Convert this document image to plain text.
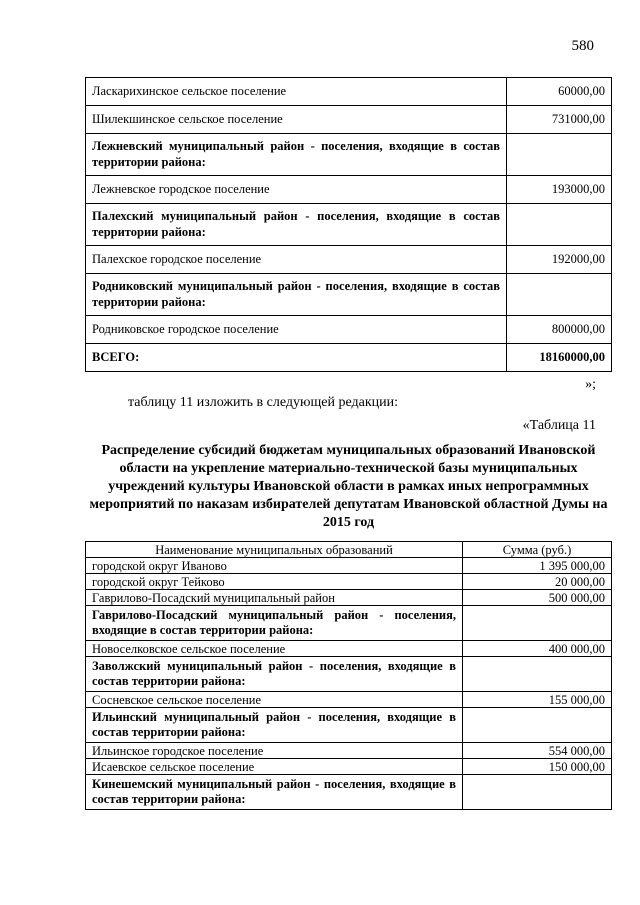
580
Ласкарихинское сельское поселение	60000,00
Шилекшинское сельское поселение	731000,00
Лежневский муниципальный район - поселения, входящие в состав территории района:	
Лежневское городское поселение	193000,00
Палехский муниципальный район - поселения, входящие в состав территории района:	
Палехское городское поселение	192000,00
Родниковский муниципальный район - поселения, входящие в состав территории района:	
Родниковское городское поселение	800000,00
ВСЕГО:	18160000,00
»;
таблицу 11 изложить в следующей редакции:
«Таблица 11
Распределение субсидий бюджетам муниципальных образований Ивановской области на укрепление материально-технической базы муниципальных учреждений культуры Ивановской области в рамках иных непрограммных мероприятий по наказам избирателей депутатам Ивановской областной Думы на 2015 год
Наименование муниципальных образований	Сумма (руб.)
городской округ Иваново	1 395 000,00
городской округ Тейково	20 000,00
Гаврилово-Посадский муниципальный район	500 000,00
Гаврилово-Посадский муниципальный район - поселения, входящие в состав территории района:	
Новоселковское сельское поселение	400 000,00
Заволжский муниципальный район - поселения, входящие в состав территории района:	
Сосневское сельское поселение	155 000,00
Ильинский муниципальный район - поселения, входящие в состав территории района:	
Ильинское городское поселение	554 000,00
Исаевское сельское поселение	150 000,00
Кинешемский муниципальный район - поселения, входящие в состав территории района:	
